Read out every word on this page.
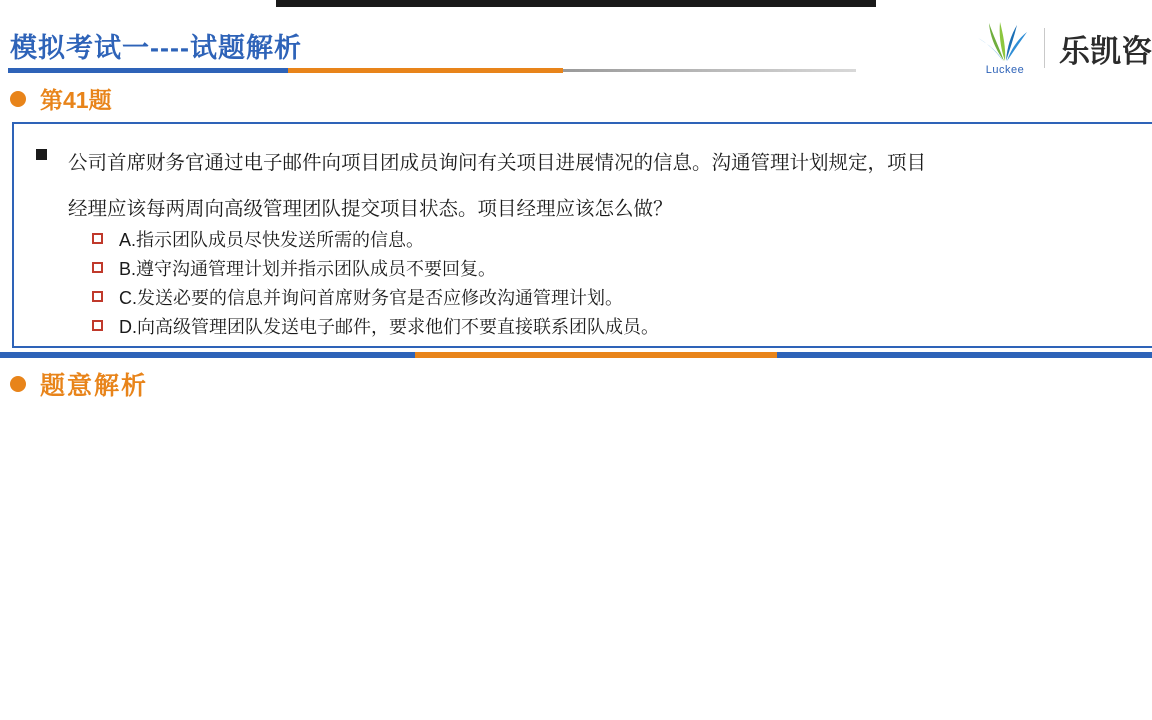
模拟考试一----试题解析
Luckee
乐凯咨
第41题
公司首席财务官通过电子邮件向项目团成员询问有关项目进展情况的信息。沟通管理计划规定，项目
经理应该每两周向高级管理团队提交项目状态。项目经理应该怎么做？
A.指示团队成员尽快发送所需的信息。
B.遵守沟通管理计划并指示团队成员不要回复。
C.发送必要的信息并询问首席财务官是否应修改沟通管理计划。
D.向高级管理团队发送电子邮件，要求他们不要直接联系团队成员。
题意解析
